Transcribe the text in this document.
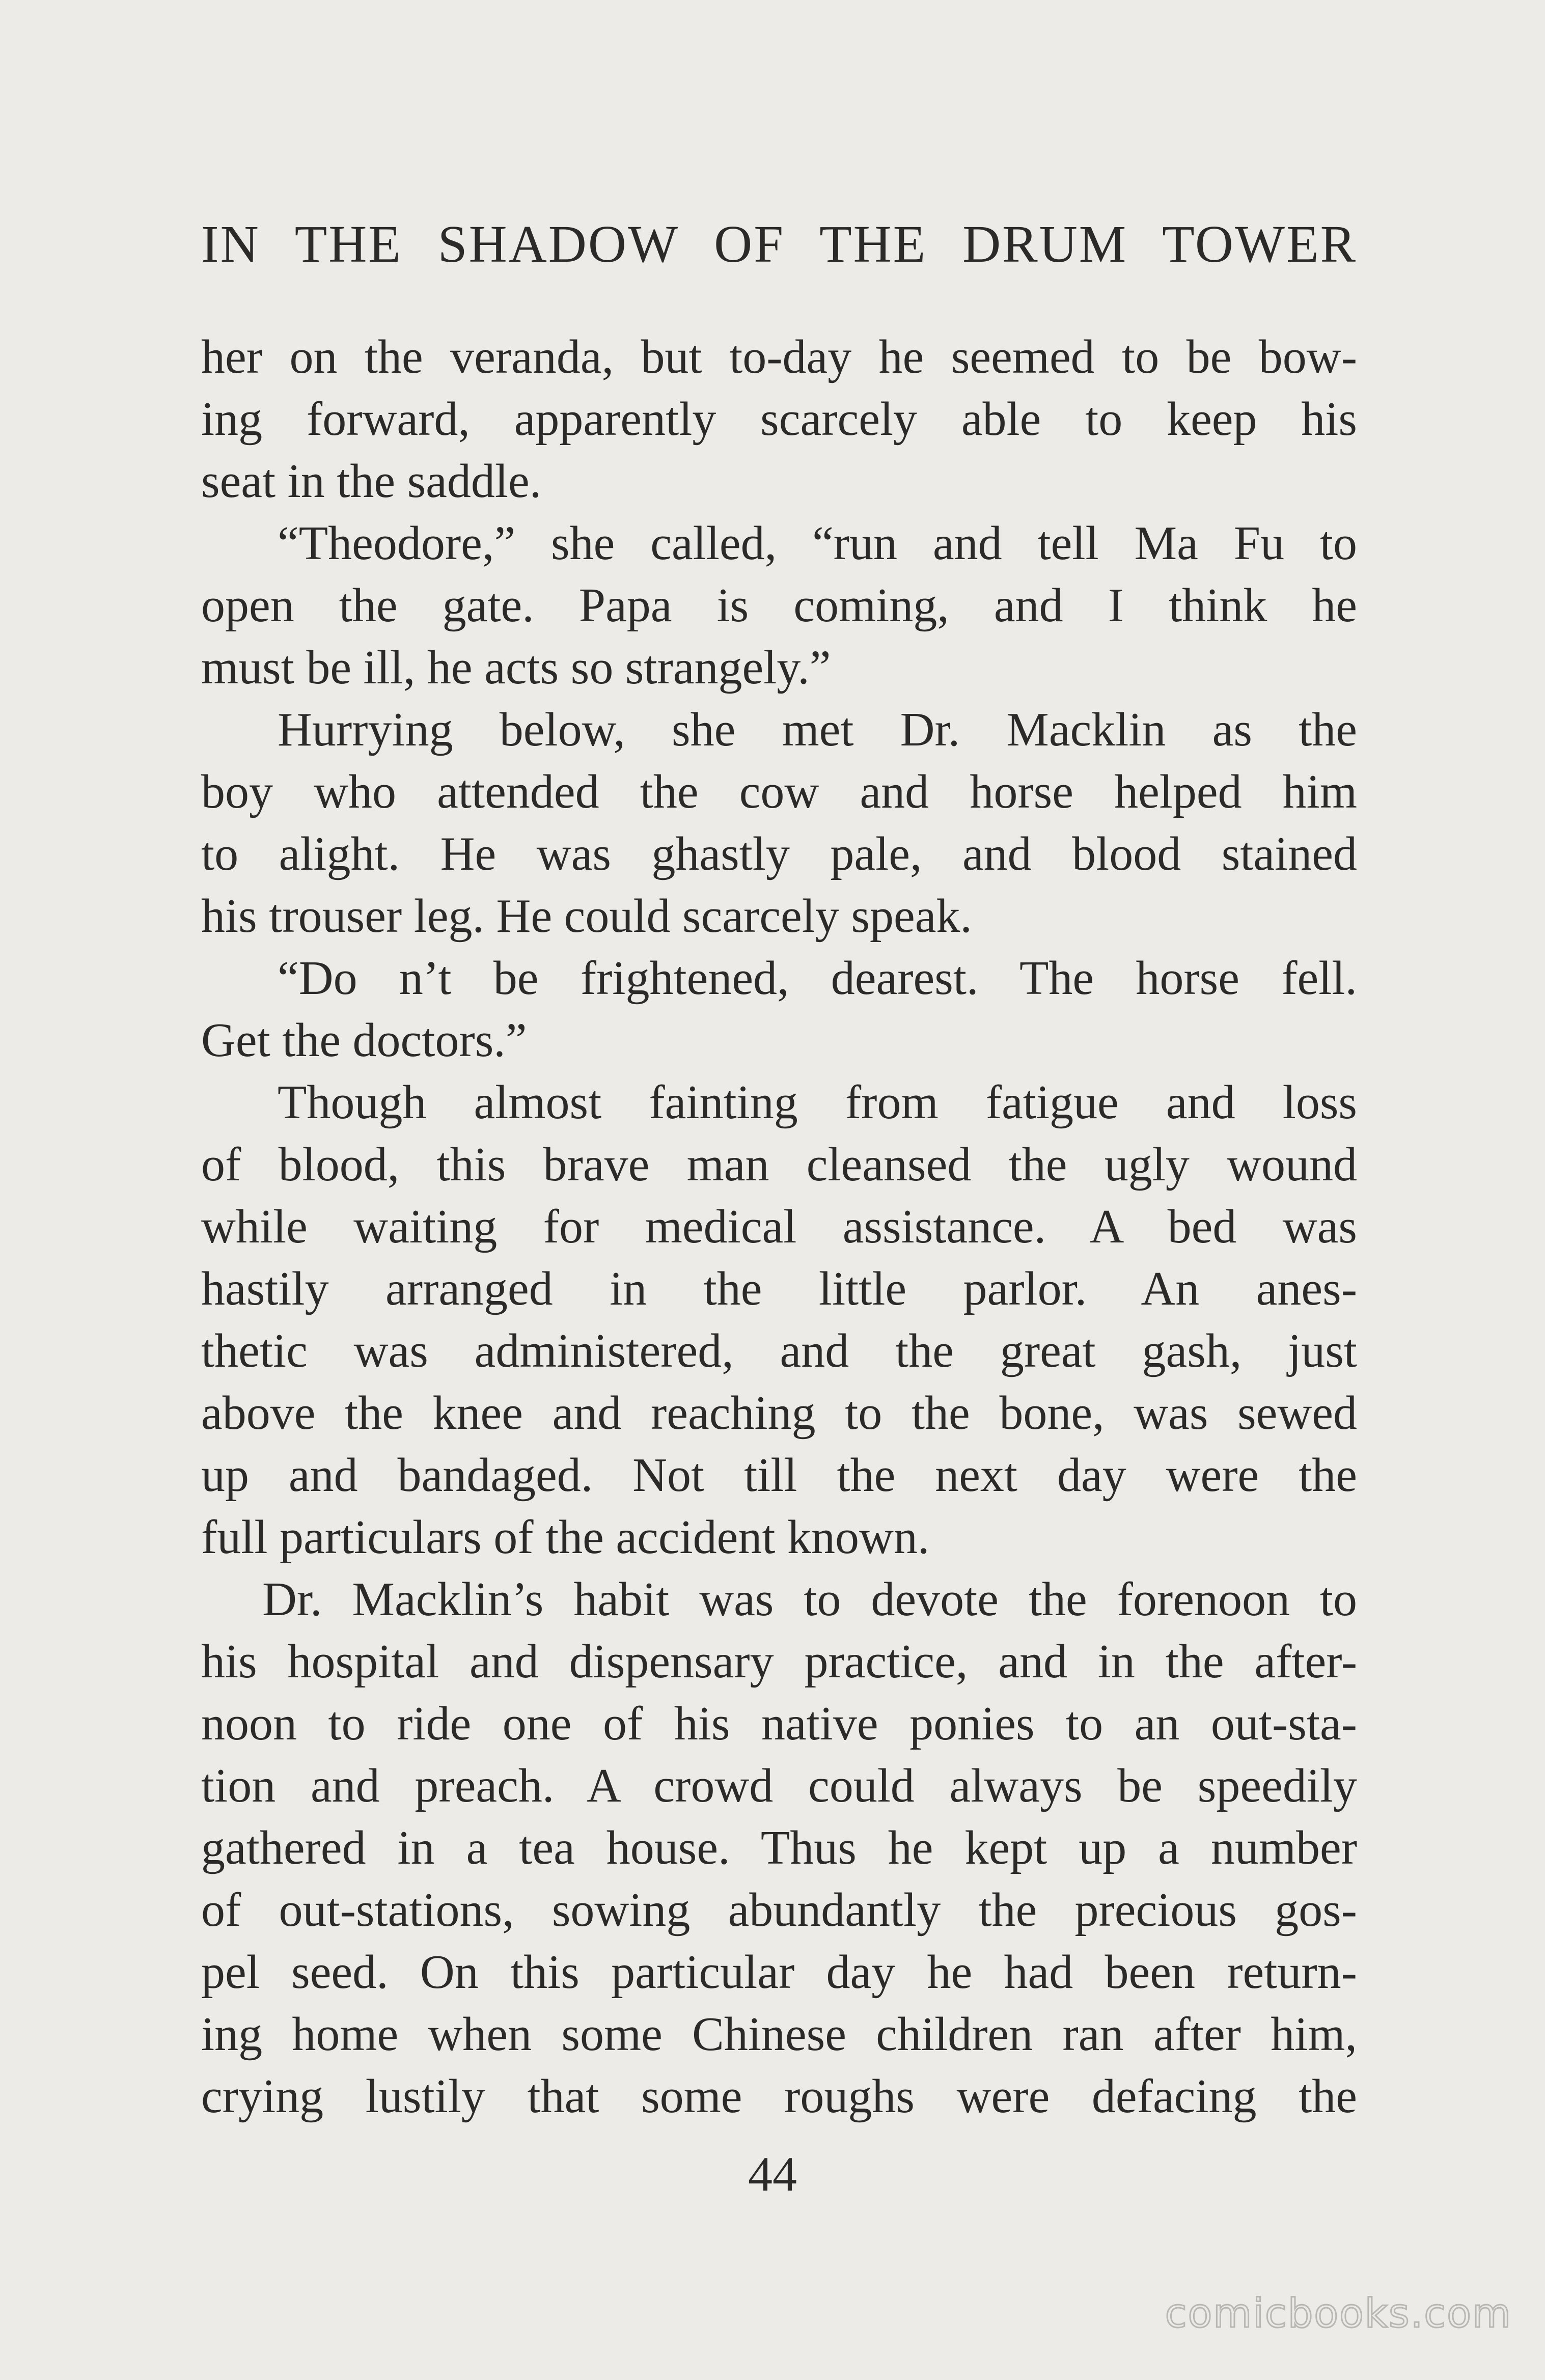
IN THE SHADOW OF THE DRUM TOWER
her on the veranda, but to-day he seemed to be bow-
ing forward, apparently scarcely able to keep his
seat in the saddle.
“Theodore,” she called, “run and tell Ma Fu to
open the gate. Papa is coming, and I think he
must be ill, he acts so strangely.”
Hurrying below, she met Dr. Macklin as the
boy who attended the cow and horse helped him
to alight. He was ghastly pale, and blood stained
his trouser leg. He could scarcely speak.
“Do n’t be frightened, dearest. The horse fell.
Get the doctors.”
Though almost fainting from fatigue and loss
of blood, this brave man cleansed the ugly wound
while waiting for medical assistance. A bed was
hastily arranged in the little parlor. An anes-
thetic was administered, and the great gash, just
above the knee and reaching to the bone, was sewed
up and bandaged. Not till the next day were the
full particulars of the accident known.
Dr. Macklin’s habit was to devote the forenoon to
his hospital and dispensary practice, and in the after-
noon to ride one of his native ponies to an out-sta-
tion and preach. A crowd could always be speedily
gathered in a tea house. Thus he kept up a number
of out-stations, sowing abundantly the precious gos-
pel seed. On this particular day he had been return-
ing home when some Chinese children ran after him,
crying lustily that some roughs were defacing the
44
comicbooks.com
